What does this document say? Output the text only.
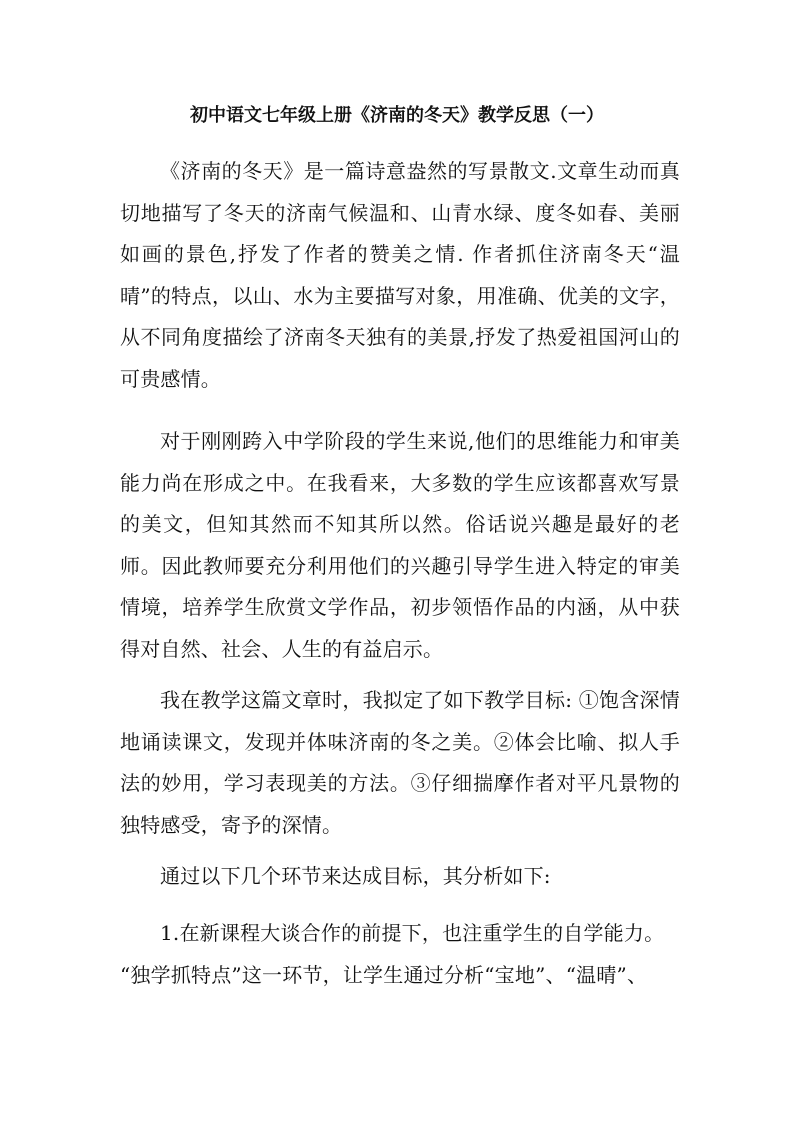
初中语文七年级上册《济南的冬天》教学反思（一）

《济南的冬天》是一篇诗意盎然的写景散文.文章生动而真切地描写了冬天的济南气候温和、山青水绿、度冬如春、美丽如画的景色,抒发了作者的赞美之情. 作者抓住济南冬天“温晴”的特点，以山、水为主要描写对象，用准确、优美的文字，从不同角度描绘了济南冬天独有的美景,抒发了热爱祖国河山的可贵感情。

对于刚刚跨入中学阶段的学生来说,他们的思维能力和审美能力尚在形成之中。在我看来，大多数的学生应该都喜欢写景的美文，但知其然而不知其所以然。俗话说兴趣是最好的老师。因此教师要充分利用他们的兴趣引导学生进入特定的审美情境，培养学生欣赏文学作品，初步领悟作品的内涵，从中获得对自然、社会、人生的有益启示。

我在教学这篇文章时，我拟定了如下教学目标: ①饱含深情地诵读课文，发现并体味济南的冬之美。②体会比喻、拟人手法的妙用，学习表现美的方法。③仔细揣摩作者对平凡景物的独特感受，寄予的深情。

通过以下几个环节来达成目标，其分析如下:

1.在新课程大谈合作的前提下，也注重学生的自学能力。
“独学抓特点”这一环节，让学生通过分析“宝地”、“温晴”、
